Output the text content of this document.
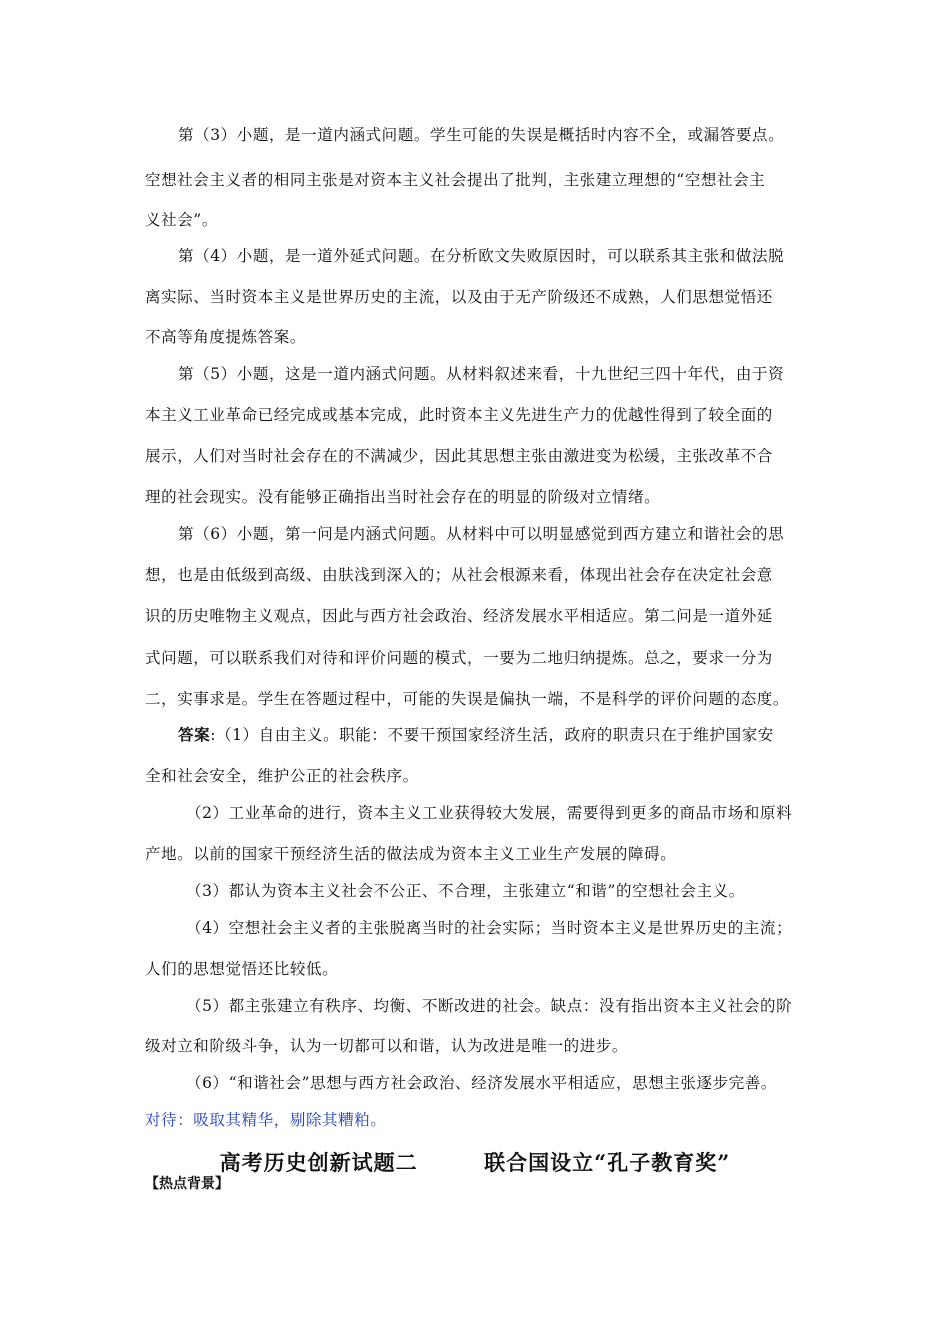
第（3）小题，是一道内涵式问题。学生可能的失误是概括时内容不全，或漏答要点。
空想社会主义者的相同主张是对资本主义社会提出了批判，主张建立理想的“空想社会主
义社会”。
第（4）小题，是一道外延式问题。在分析欧文失败原因时，可以联系其主张和做法脱
离实际、当时资本主义是世界历史的主流，以及由于无产阶级还不成熟，人们思想觉悟还
不高等角度提炼答案。
第（5）小题，这是一道内涵式问题。从材料叙述来看，十九世纪三四十年代，由于资
本主义工业革命已经完成或基本完成，此时资本主义先进生产力的优越性得到了较全面的
展示，人们对当时社会存在的不满减少，因此其思想主张由激进变为松缓，主张改革不合
理的社会现实。没有能够正确指出当时社会存在的明显的阶级对立情绪。
第（6）小题，第一问是内涵式问题。从材料中可以明显感觉到西方建立和谐社会的思
想，也是由低级到高级、由肤浅到深入的；从社会根源来看，体现出社会存在决定社会意
识的历史唯物主义观点，因此与西方社会政治、经济发展水平相适应。第二问是一道外延
式问题，可以联系我们对待和评价问题的模式，一要为二地归纳提炼。总之，要求一分为
二，实事求是。学生在答题过程中，可能的失误是偏执一端，不是科学的评价问题的态度。
答案:（1）自由主义。职能：不要干预国家经济生活，政府的职责只在于维护国家安
全和社会安全，维护公正的社会秩序。
（2）工业革命的进行，资本主义工业获得较大发展，需要得到更多的商品市场和原料
产地。以前的国家干预经济生活的做法成为资本主义工业生产发展的障碍。
（3）都认为资本主义社会不公正、不合理，主张建立“和谐”的空想社会主义。
（4）空想社会主义者的主张脱离当时的社会实际；当时资本主义是世界历史的主流；
人们的思想觉悟还比较低。
（5）都主张建立有秩序、均衡、不断改进的社会。缺点：没有指出资本主义社会的阶
级对立和阶级斗争，认为一切都可以和谐，认为改进是唯一的进步。
（6）“和谐社会”思想与西方社会政治、经济发展水平相适应，思想主张逐步完善。
对待：吸取其精华，剔除其糟粕。
高考历史创新试题二        联合国设立“孔子教育奖”
【热点背景】
